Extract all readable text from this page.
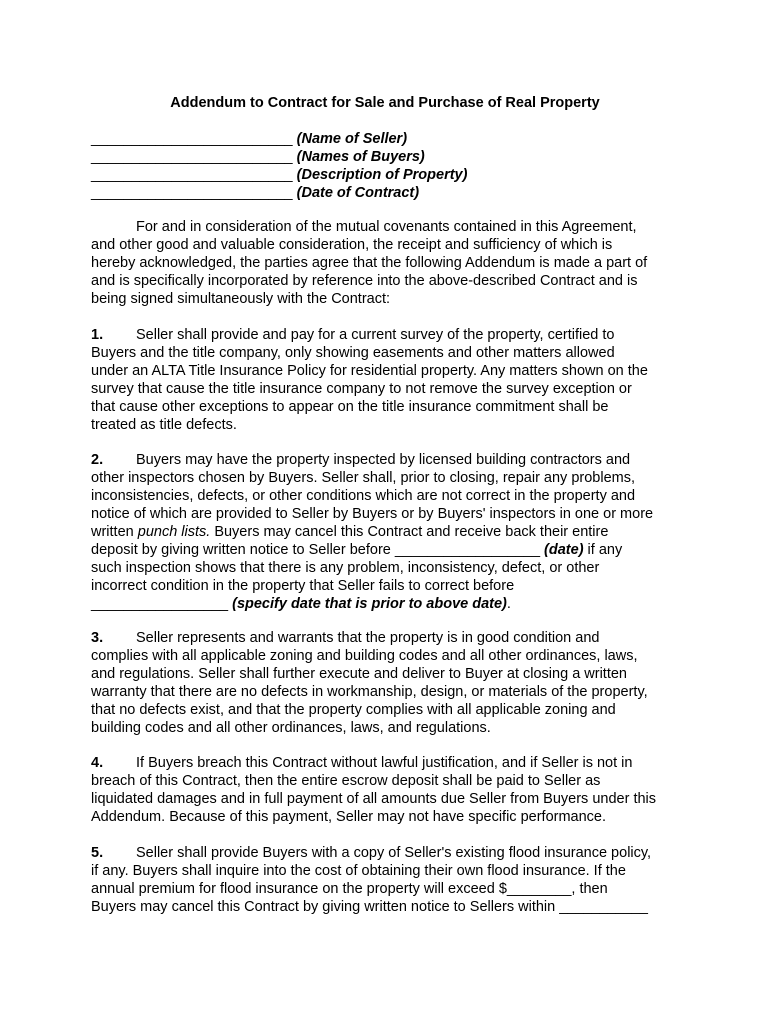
Addendum to Contract for Sale and Purchase of Real Property
_________________________ (Name of Seller)
_________________________ (Names of Buyers)
_________________________ (Description of Property)
_________________________ (Date of Contract)
For and in consideration of the mutual covenants contained in this Agreement,
and other good and valuable consideration, the receipt and sufficiency of which is
hereby acknowledged, the parties agree that the following Addendum is made a part of
and is specifically incorporated by reference into the above-described Contract and is
being signed simultaneously with the Contract:
1. Seller shall provide and pay for a current survey of the property, certified to
Buyers and the title company, only showing easements and other matters allowed
under an ALTA Title Insurance Policy for residential property. Any matters shown on the
survey that cause the title insurance company to not remove the survey exception or
that cause other exceptions to appear on the title insurance commitment shall be
treated as title defects.
2. Buyers may have the property inspected by licensed building contractors and
other inspectors chosen by Buyers. Seller shall, prior to closing, repair any problems,
inconsistencies, defects, or other conditions which are not correct in the property and
notice of which are provided to Seller by Buyers or by Buyers' inspectors in one or more
written punch lists. Buyers may cancel this Contract and receive back their entire
deposit by giving written notice to Seller before __________________ (date) if any
such inspection shows that there is any problem, inconsistency, defect, or other
incorrect condition in the property that Seller fails to correct before
_________________ (specify date that is prior to above date).
3. Seller represents and warrants that the property is in good condition and
complies with all applicable zoning and building codes and all other ordinances, laws,
and regulations. Seller shall further execute and deliver to Buyer at closing a written
warranty that there are no defects in workmanship, design, or materials of the property,
that no defects exist, and that the property complies with all applicable zoning and
building codes and all other ordinances, laws, and regulations.
4. If Buyers breach this Contract without lawful justification, and if Seller is not in
breach of this Contract, then the entire escrow deposit shall be paid to Seller as
liquidated damages and in full payment of all amounts due Seller from Buyers under this
Addendum. Because of this payment, Seller may not have specific performance.
5. Seller shall provide Buyers with a copy of Seller's existing flood insurance policy,
if any. Buyers shall inquire into the cost of obtaining their own flood insurance. If the
annual premium for flood insurance on the property will exceed $________, then
Buyers may cancel this Contract by giving written notice to Sellers within ___________
